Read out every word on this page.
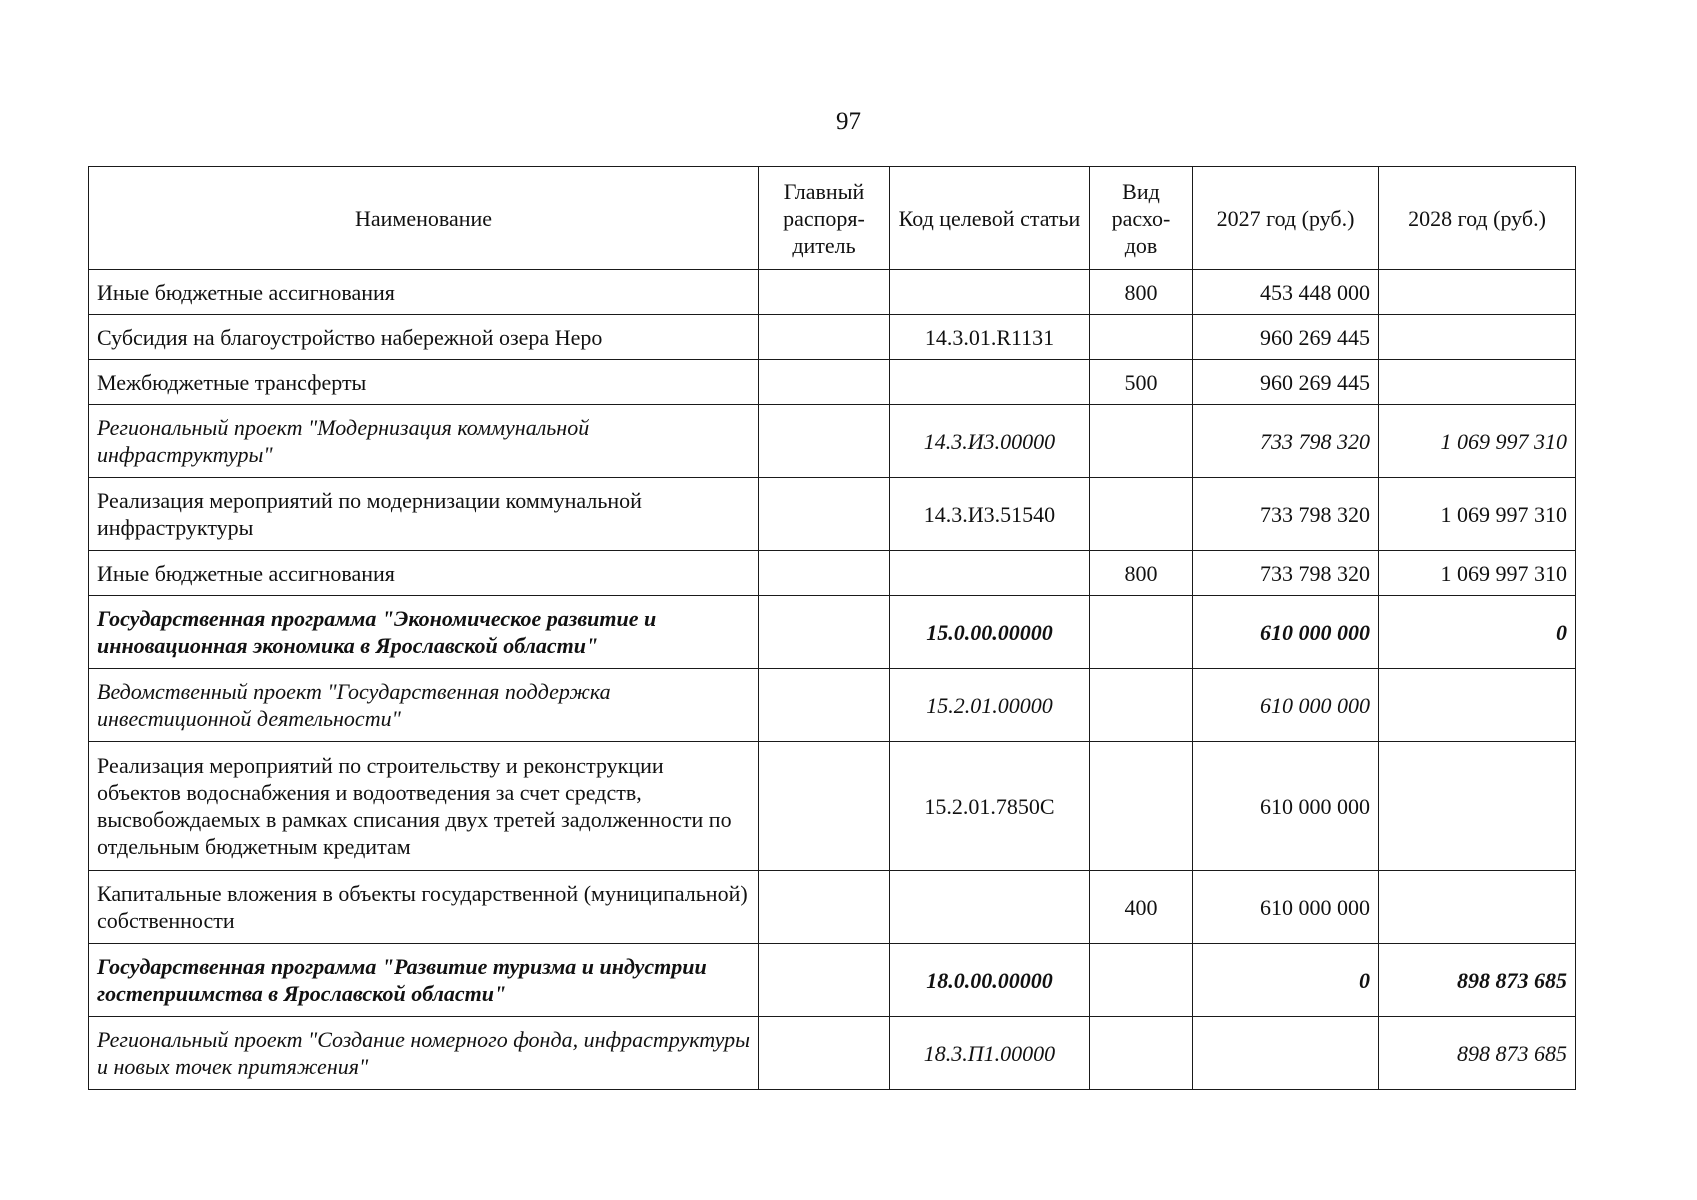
97
Наименование	Главный распоря- дитель	Код целевой статьи	Вид расхо- дов	2027 год (руб.)	2028 год (руб.)
Иные бюджетные ассигнования			800	453 448 000	
Субсидия на благоустройство набережной озера Неро		14.3.01.R1131		960 269 445	
Межбюджетные трансферты			500	960 269 445	
Региональный проект "Модернизация коммунальной инфраструктуры"		14.3.И3.00000		733 798 320	1 069 997 310
Реализация мероприятий по модернизации коммунальной инфраструктуры		14.3.И3.51540		733 798 320	1 069 997 310
Иные бюджетные ассигнования			800	733 798 320	1 069 997 310
Государственная программа "Экономическое развитие и инновационная экономика в Ярославской области"		15.0.00.00000		610 000 000	0
Ведомственный проект "Государственная поддержка инвестиционной деятельности"		15.2.01.00000		610 000 000	
Реализация мероприятий по строительству и реконструкции объектов водоснабжения и водоотведения за счет средств, высвобождаемых в рамках списания двух третей задолженности по отдельным бюджетным кредитам		15.2.01.7850С		610 000 000	
Капитальные вложения в объекты государственной (муниципальной) собственности			400	610 000 000	
Государственная программа "Развитие туризма и индустрии гостеприимства в Ярославской области"		18.0.00.00000		0	898 873 685
Региональный проект "Создание номерного фонда, инфраструктуры и новых точек притяжения"		18.3.П1.00000			898 873 685
